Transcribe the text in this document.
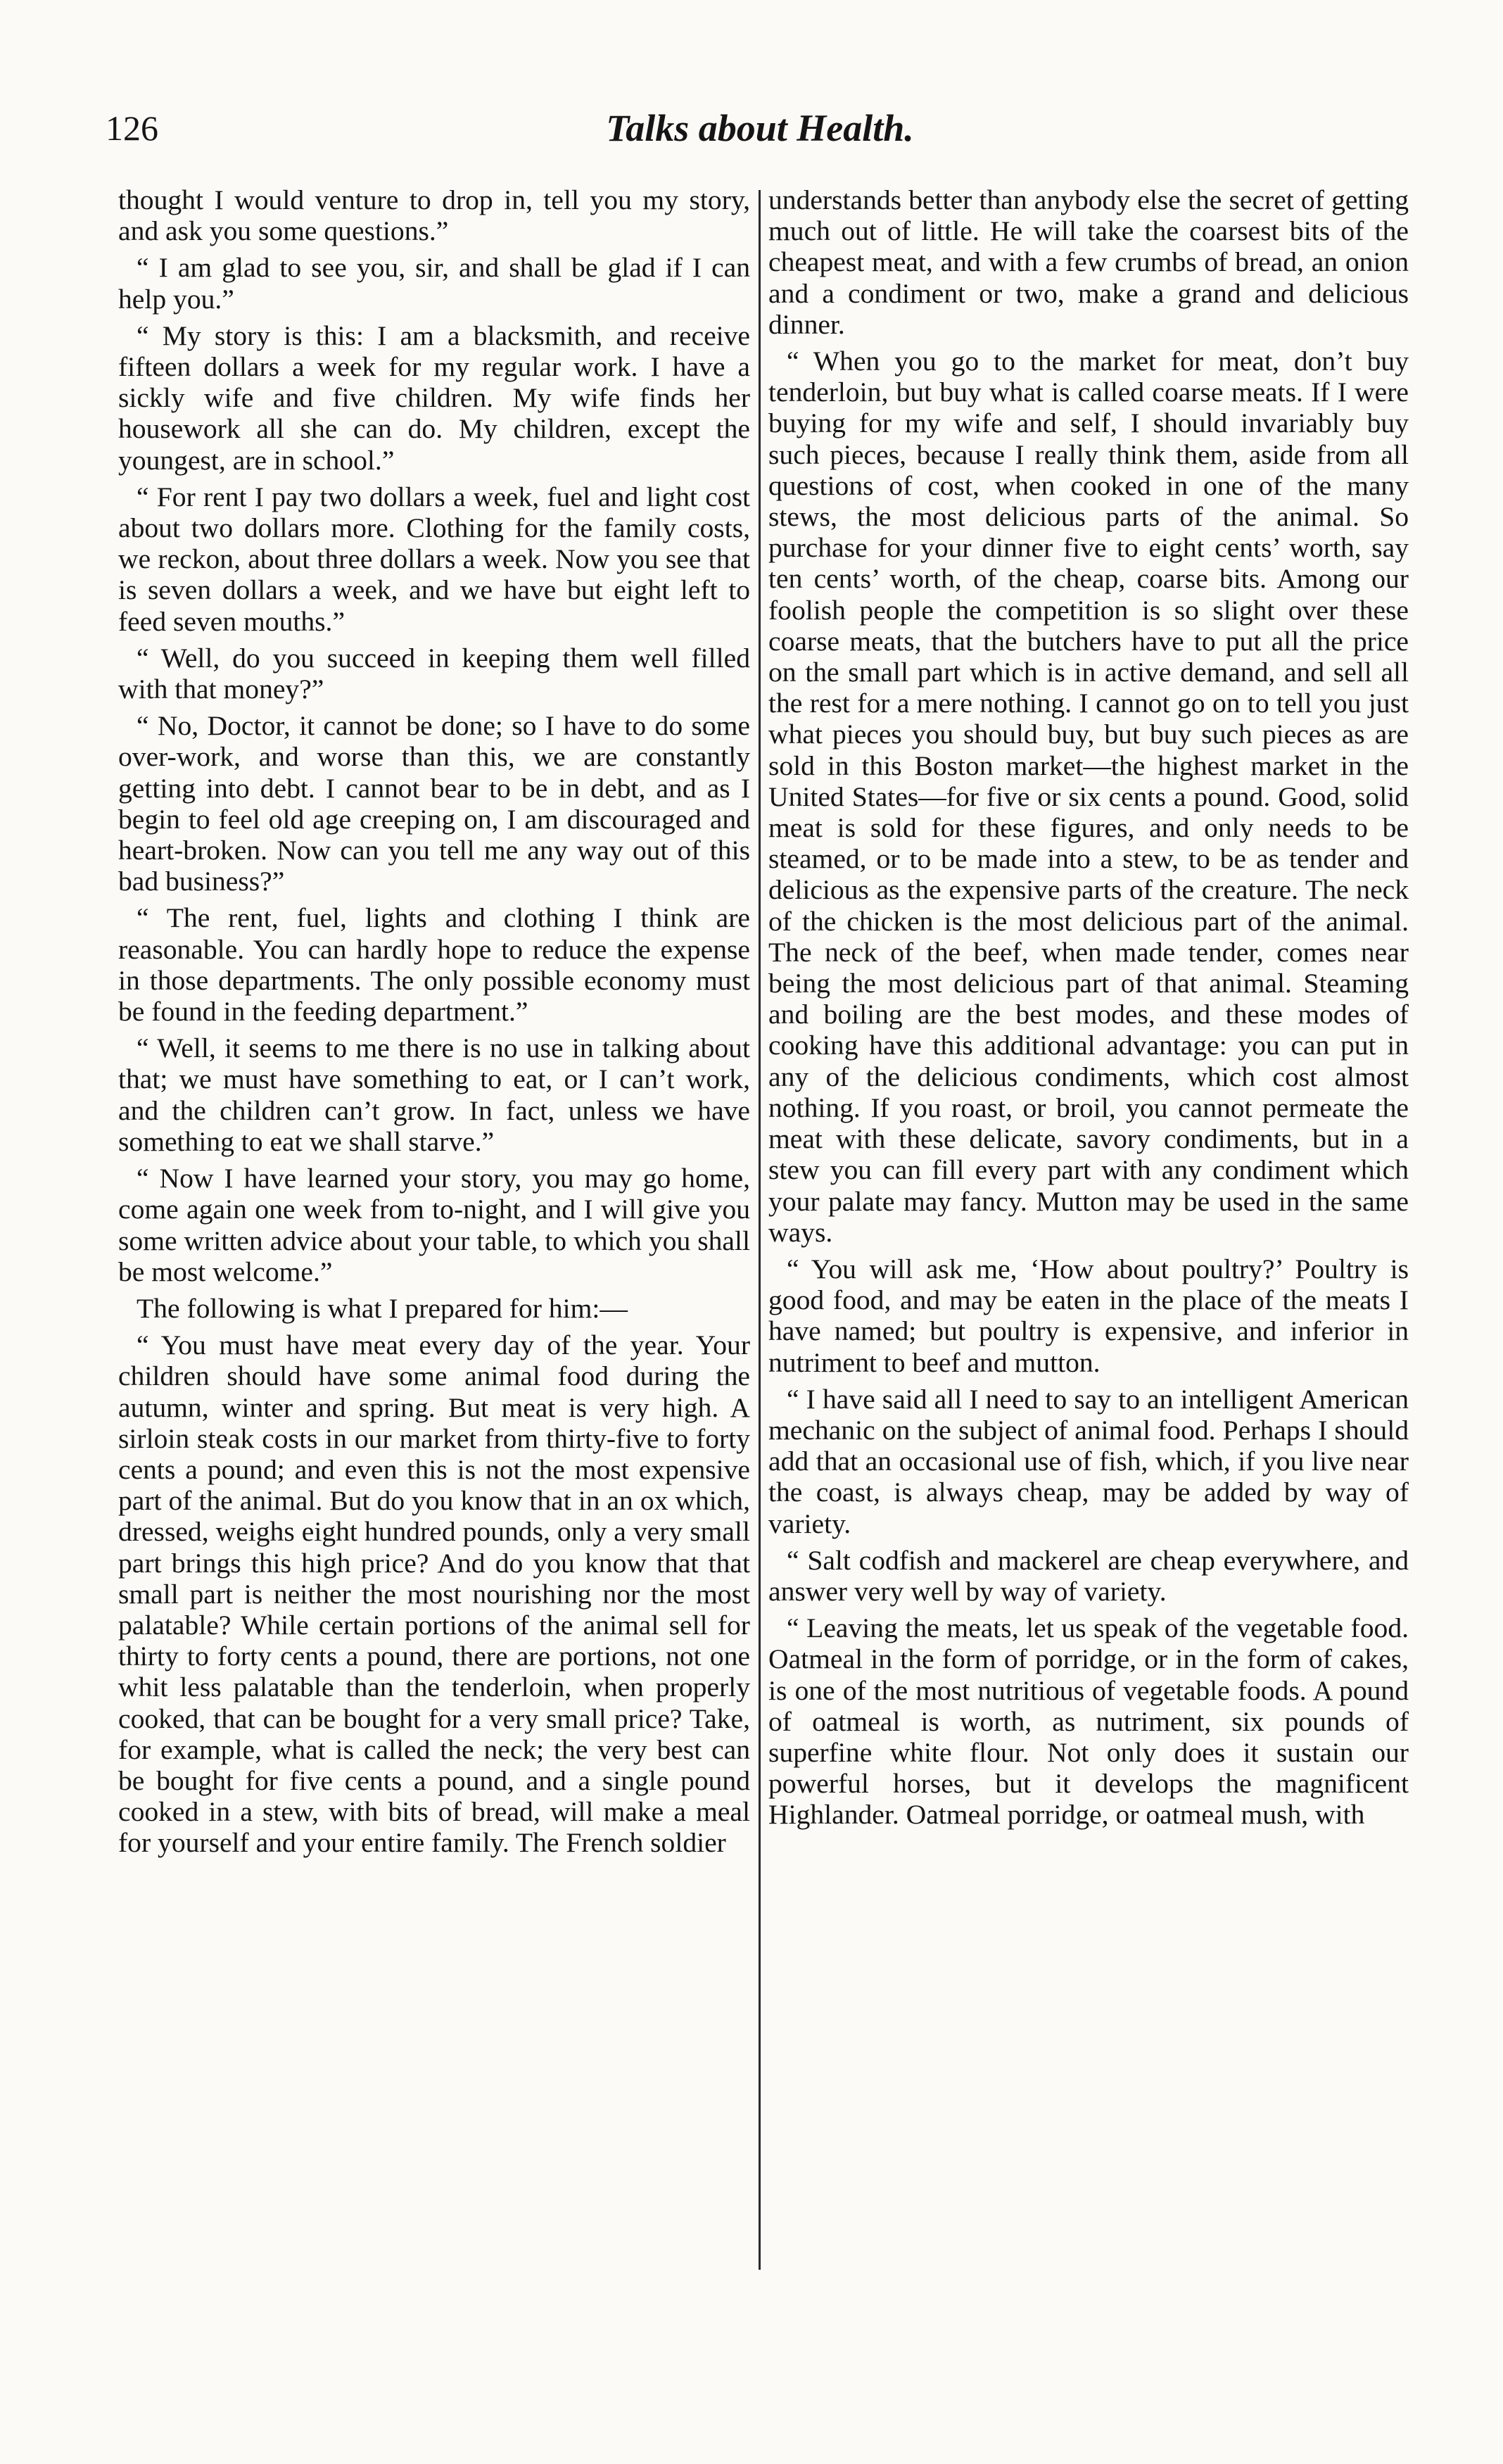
126	Talks about Health.

thought I would venture to drop in, tell you my story, and ask you some questions.”

“ I am glad to see you, sir, and shall be glad if I can help you.”

“ My story is this: I am a blacksmith, and receive fifteen dollars a week for my regular work. I have a sickly wife and five children. My wife finds her housework all she can do. My children, except the youngest, are in school.”

“ For rent I pay two dollars a week, fuel and light cost about two dollars more. Clothing for the family costs, we reckon, about three dollars a week. Now you see that is seven dollars a week, and we have but eight left to feed seven mouths.”

“ Well, do you succeed in keeping them well filled with that money?”

“ No, Doctor, it cannot be done; so I have to do some over-work, and worse than this, we are constantly getting into debt. I cannot bear to be in debt, and as I begin to feel old age creeping on, I am discouraged and heart-broken. Now can you tell me any way out of this bad business?”

“ The rent, fuel, lights and clothing I think are reasonable. You can hardly hope to reduce the expense in those departments. The only possible economy must be found in the feeding department.”

“ Well, it seems to me there is no use in talking about that; we must have something to eat, or I can’t work, and the children can’t grow. In fact, unless we have something to eat we shall starve.”

“ Now I have learned your story, you may go home, come again one week from to-night, and I will give you some written advice about your table, to which you shall be most welcome.”

The following is what I prepared for him:—

“ You must have meat every day of the year. Your children should have some animal food during the autumn, winter and spring. But meat is very high. A sirloin steak costs in our market from thirty-five to forty cents a pound; and even this is not the most expensive part of the animal. But do you know that in an ox which, dressed, weighs eight hundred pounds, only a very small part brings this high price? And do you know that that small part is neither the most nourishing nor the most palatable? While certain portions of the animal sell for thirty to forty cents a pound, there are portions, not one whit less palatable than the tenderloin, when properly cooked, that can be bought for a very small price? Take, for example, what is called the neck; the very best can be bought for five cents a pound, and a single pound cooked in a stew, with bits of bread, will make a meal for yourself and your entire family. The French soldier

understands better than anybody else the secret of getting much out of little. He will take the coarsest bits of the cheapest meat, and with a few crumbs of bread, an onion and a condiment or two, make a grand and delicious dinner.

“ When you go to the market for meat, don’t buy tenderloin, but buy what is called coarse meats. If I were buying for my wife and self, I should invariably buy such pieces, because I really think them, aside from all questions of cost, when cooked in one of the many stews, the most delicious parts of the animal. So purchase for your dinner five to eight cents’ worth, say ten cents’ worth, of the cheap, coarse bits. Among our foolish people the competition is so slight over these coarse meats, that the butchers have to put all the price on the small part which is in active demand, and sell all the rest for a mere nothing. I cannot go on to tell you just what pieces you should buy, but buy such pieces as are sold in this Boston market—the highest market in the United States—for five or six cents a pound. Good, solid meat is sold for these figures, and only needs to be steamed, or to be made into a stew, to be as tender and delicious as the expensive parts of the creature. The neck of the chicken is the most delicious part of the animal. The neck of the beef, when made tender, comes near being the most delicious part of that animal. Steaming and boiling are the best modes, and these modes of cooking have this additional advantage: you can put in any of the delicious condiments, which cost almost nothing. If you roast, or broil, you cannot permeate the meat with these delicate, savory condiments, but in a stew you can fill every part with any condiment which your palate may fancy. Mutton may be used in the same ways.

“ You will ask me, ‘How about poultry?’ Poultry is good food, and may be eaten in the place of the meats I have named; but poultry is expensive, and inferior in nutriment to beef and mutton.

“ I have said all I need to say to an intelligent American mechanic on the subject of animal food. Perhaps I should add that an occasional use of fish, which, if you live near the coast, is always cheap, may be added by way of variety.

“ Salt codfish and mackerel are cheap everywhere, and answer very well by way of variety.

“ Leaving the meats, let us speak of the vegetable food. Oatmeal in the form of porridge, or in the form of cakes, is one of the most nutritious of vegetable foods. A pound of oatmeal is worth, as nutriment, six pounds of superfine white flour. Not only does it sustain our powerful horses, but it develops the magnificent Highlander. Oatmeal porridge, or oatmeal mush, with
